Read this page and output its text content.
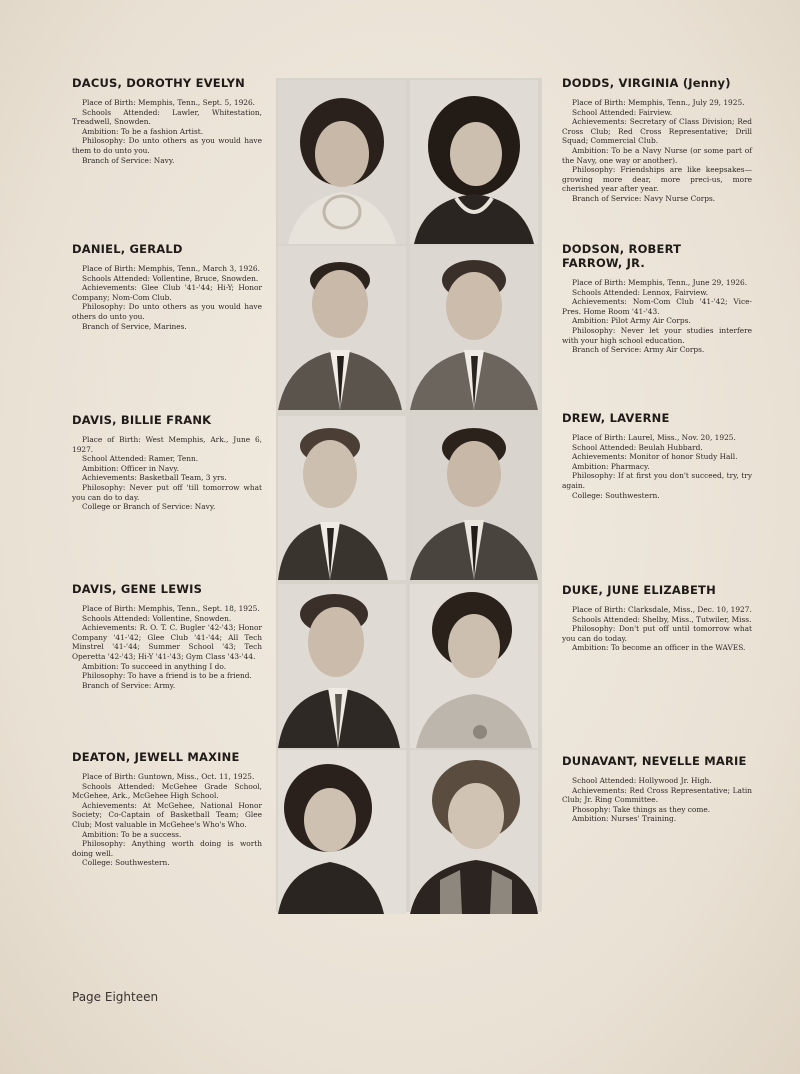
DACUS, DOROTHY EVELYN

Place of Birth: Memphis, Tenn., Sept. 5, 1926.
Schools Attended: Lawler, Whitestation, Treadwell, Snowden.
Ambition: To be a fashion Artist.
Philosophy: Do unto others as you would have them to do unto you.
Branch of Service: Navy.

DANIEL, GERALD

Place of Birth: Memphis, Tenn., March 3, 1926.
Schools Attended: Vollentine, Bruce, Snowden.
Achievements: Glee Club '41-'44; Hi-Y; Honor Company; Nom-Com Club.
Philosophy: Do unto others as you would have others do unto you.
Branch of Service, Marines.

DAVIS, BILLIE FRANK

Place of Birth: West Memphis, Ark., June 6, 1927.
School Attended: Ramer, Tenn.
Ambition: Officer in Navy.
Achievements: Basketball Team, 3 yrs.
Philosophy: Never put off 'till tomorrow what you can do to day.
College or Branch of Service: Navy.

DAVIS, GENE LEWIS

Place of Birth: Memphis, Tenn., Sept. 18, 1925.
Schools Attended: Vollentine, Snowden.
Achievements: R. O. T. C. Bugler '42-'43; Honor Company '41-'42; Glee Club '41-'44; All Tech Minstrel '41-'44; Summer School '43; Tech Operetta '42-'43; Hi-Y '41-'43; Gym Class '43-'44.
Ambition: To succeed in anything I do.
Philosophy: To have a friend is to be a friend.
Branch of Service: Army.

DEATON, JEWELL MAXINE

Place of Birth: Guntown, Miss., Oct. 11, 1925.
Schools Attended: McGehee Grade School, McGehee, Ark., McGehee High School.
Achievements: At McGehee, National Honor Society; Co-Captain of Basketball Team; Glee Club; Most valuable in McGehee's Who's Who.
Ambition: To be a success.
Philosophy: Anything worth doing is worth doing well.
College: Southwestern.

DODDS, VIRGINIA (Jenny)

Place of Birth: Memphis, Tenn., July 29, 1925.
School Attended: Fairview.
Achievements: Secretary of Class Division; Red Cross Club; Red Cross Representative; Drill Squad; Commercial Club.
Ambition: To be a Navy Nurse (or some part of the Navy, one way or another).
Philosophy: Friendships are like keepsakes—growing more dear, more preci-us, more cherished year after year.
Branch of Service: Navy Nurse Corps.

DODSON, ROBERT FARROW, JR.

Place of Birth: Memphis, Tenn., June 29, 1926.
Schools Attended: Lennox, Fairview.
Achievements: Nom-Com Club '41-'42; Vice-Pres. Home Room '41-'43.
Ambition: Pilot Army Air Corps.
Philosophy: Never let your studies interfere with your high school education.
Branch of Service: Army Air Corps.

DREW, LAVERNE

Place of Birth: Laurel, Miss., Nov. 20, 1925.
School Attended: Beulah Hubbard.
Achievements: Monitor of honor Study Hall.
Ambition: Pharmacy.
Philosophy: If at first you don't succeed, try, try again.
College: Southwestern.

DUKE, JUNE ELIZABETH

Place of Birth: Clarksdale, Miss., Dec. 10, 1927.
Schools Attended: Shelby, Miss., Tutwiler, Miss.
Philosophy: Don't put off until tomorrow what you can do today.
Ambition: To become an officer in the WAVES.

DUNAVANT, NEVELLE MARIE

School Attended: Hollywood Jr. High.
Achievements: Red Cross Representative; Latin Club; Jr. Ring Committee.
Phosophy: Take things as they come.
Ambition: Nurses' Training.

Page Eighteen
